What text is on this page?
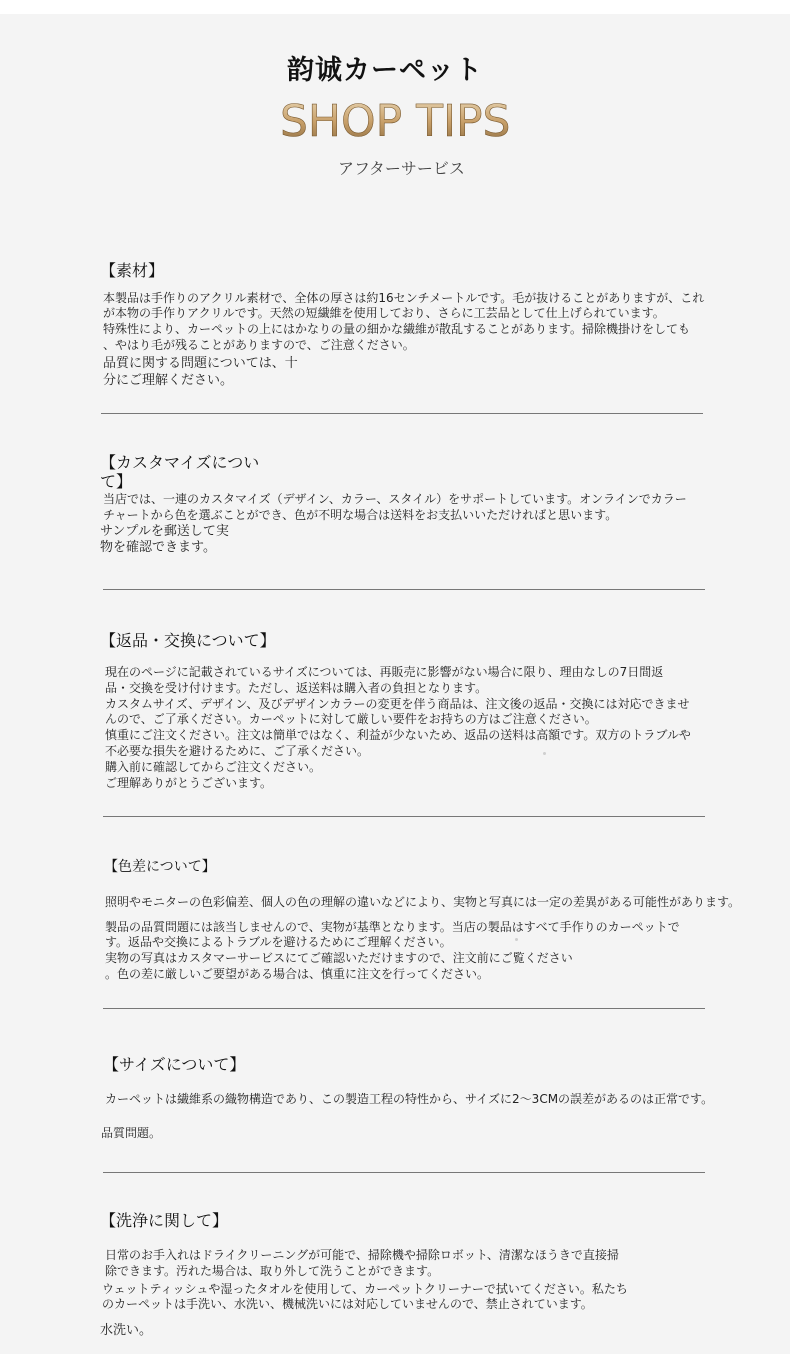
韵诚カーペット
SHOP TIPS
アフターサービス
【素材】
本製品は手作りのアクリル素材で、全体の厚さは約16センチメートルです。毛が抜けることがありますが、これ
が本物の手作りアクリルです。天然の短繊維を使用しており、さらに工芸品として仕上げられています。
特殊性により、カーペットの上にはかなりの量の細かな繊維が散乱することがあります。掃除機掛けをしても
、やはり毛が残ることがありますので、ご注意ください。
品質に関する問題については、十
分にご理解ください。
【カスタマイズについ
て】
当店では、一連のカスタマイズ（デザイン、カラー、スタイル）をサポートしています。オンラインでカラー
チャートから色を選ぶことができ、色が不明な場合は送料をお支払いいただければと思います。
サンプルを郵送して実
物を確認できます。
【返品・交換について】
現在のページに記載されているサイズについては、再販売に影響がない場合に限り、理由なしの7日間返
品・交換を受け付けます。ただし、返送料は購入者の負担となります。
カスタムサイズ、デザイン、及びデザインカラーの変更を伴う商品は、注文後の返品・交換には対応できませ
んので、ご了承ください。カーペットに対して厳しい要件をお持ちの方はご注意ください。
慎重にご注文ください。注文は簡単ではなく、利益が少ないため、返品の送料は高額です。双方のトラブルや
不必要な損失を避けるために、ご了承ください。
購入前に確認してからご注文ください。
ご理解ありがとうございます。
【色差について】
照明やモニターの色彩偏差、個人の色の理解の違いなどにより、実物と写真には一定の差異がある可能性があります。
製品の品質問題には該当しませんので、実物が基準となります。当店の製品はすべて手作りのカーペットで
す。返品や交換によるトラブルを避けるためにご理解ください。
実物の写真はカスタマーサービスにてご確認いただけますので、注文前にご覧ください
。色の差に厳しいご要望がある場合は、慎重に注文を行ってください。
【サイズについて】
カーペットは繊維系の織物構造であり、この製造工程の特性から、サイズに2〜3CMの誤差があるのは正常です。
品質問題。
【洗浄に関して】
日常のお手入れはドライクリーニングが可能で、掃除機や掃除ロボット、清潔なほうきで直接掃
除できます。汚れた場合は、取り外して洗うことができます。
ウェットティッシュや湿ったタオルを使用して、カーペットクリーナーで拭いてください。私たち
のカーペットは手洗い、水洗い、機械洗いには対応していませんので、禁止されています。
水洗い。
